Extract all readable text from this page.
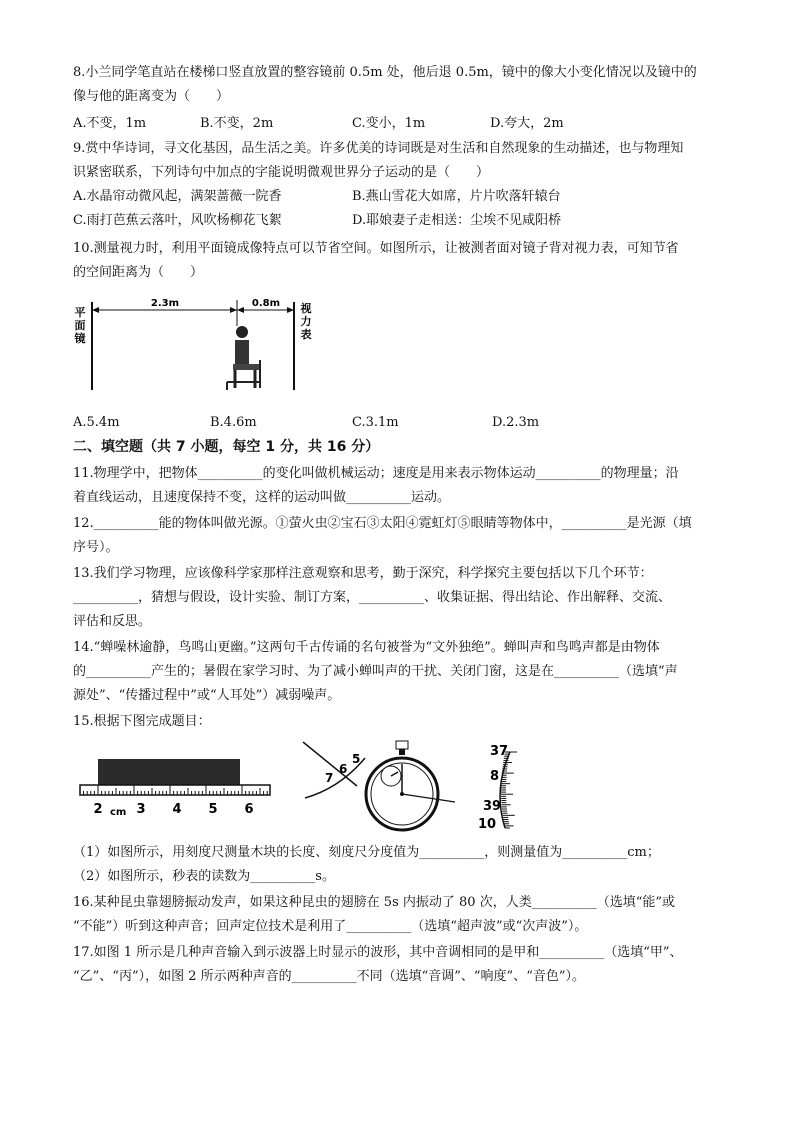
8.小兰同学笔直站在楼梯口竖直放置的整容镜前 0.5m 处，他后退 0.5m，镜中的像大小变化情况以及镜中的
像与他的距离变为（　　）
A.不变，1m	B.不变，2m	C.变小，1m	D.夸大，2m
9.赏中华诗词，寻文化基因，品生活之美。许多优美的诗词既是对生活和自然现象的生动描述，也与物理知
识紧密联系，下列诗句中加点的字能说明微观世界分子运动的是（　　）
A.水晶帘动微风起，满架蔷薇一院香	B.燕山雪花大如席，片片吹落轩辕台
C.雨打芭蕉云落叶，风吹杨柳花飞絮	D.耶娘妻子走相送：尘埃不见咸阳桥
10.测量视力时，利用平面镜成像特点可以节省空间。如图所示，让被测者面对镜子背对视力表，可知节省
的空间距离为（　　）
平
面
镜
2.3m	0.8m 视
力
表
A.5.4m	B.4.6m	C.3.1m	D.2.3m
二、填空题（共 7 小题，每空 1 分，共 16 分）
11.物理学中，把物体__________的变化叫做机械运动；速度是用来表示物体运动__________的物理量；沿
着直线运动，且速度保持不变，这样的运动叫做__________运动。
12.__________能的物体叫做光源。①萤火虫②宝石③太阳④霓虹灯⑤眼睛等物体中，__________是光源（填
序号）。
13.我们学习物理，应该像科学家那样注意观察和思考，勤于深究，科学探究主要包括以下几个环节：
__________，猜想与假设，设计实验、制订方案，__________、收集证据、得出结论、作出解释、交流、
评估和反思。
14.“蝉噪林逾静，鸟鸣山更幽。”这两句千古传诵的名句被誉为“文外独绝”。蝉叫声和鸟鸣声都是由物体
的__________产生的；暑假在家学习时、为了减小蝉叫声的干扰、关闭门窗，这是在__________（选填“声
源处”、“传播过程中”或“人耳处”）减弱噪声。
15.根据下图完成题目：
2 cm 3 4 5 6
7
6
5	37
8
39
10
（1）如图所示，用刻度尺测量木块的长度、刻度尺分度值为__________，则测量值为__________cm；
（2）如图所示，秒表的读数为__________s。
16.某种昆虫靠翅膀振动发声，如果这种昆虫的翅膀在 5s 内振动了 80 次，人类__________（选填“能”或
“不能”）听到这种声音；回声定位技术是利用了__________（选填“超声波”或“次声波”）。
17.如图 1 所示是几种声音输入到示波器上时显示的波形，其中音调相同的是甲和__________（选填“甲”、
“乙”、“丙”），如图 2 所示两种声音的__________不同（选填“音调”、“响度”、“音色”）。
